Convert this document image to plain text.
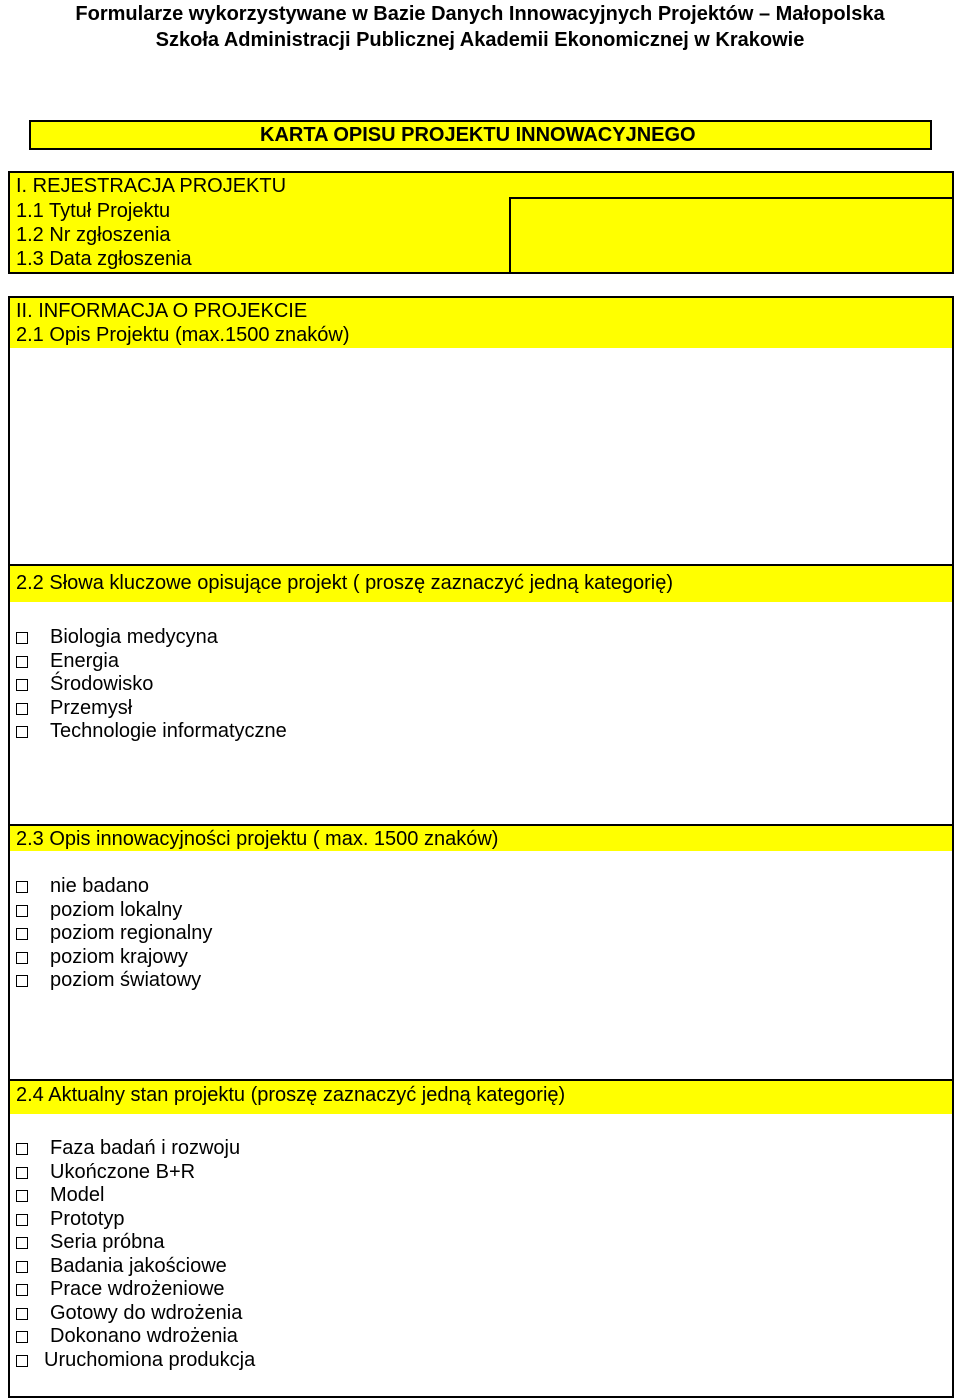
Formularze wykorzystywane w Bazie Danych Innowacyjnych Projektów – Małopolska
Szkoła Administracji Publicznej Akademii Ekonomicznej w Krakowie
KARTA OPISU PROJEKTU INNOWACYJNEGO
I. REJESTRACJA PROJEKTU
1.1 Tytuł Projektu
1.2 Nr zgłoszenia
1.3 Data zgłoszenia
II. INFORMACJA O PROJEKCIE
2.1 Opis Projektu (max.1500 znaków)
2.2 Słowa kluczowe opisujące projekt ( proszę zaznaczyć jedną kategorię)
Biologia medycyna
Energia
Środowisko
Przemysł
Technologie informatyczne
2.3 Opis innowacyjności projektu ( max. 1500 znaków)
nie badano
poziom lokalny
poziom regionalny
poziom krajowy
poziom światowy
2.4 Aktualny stan projektu (proszę zaznaczyć jedną kategorię)
Faza badań i rozwoju
Ukończone B+R
Model
Prototyp
Seria próbna
Badania jakościowe
Prace wdrożeniowe
Gotowy do wdrożenia
Dokonano wdrożenia
Uruchomiona produkcja
